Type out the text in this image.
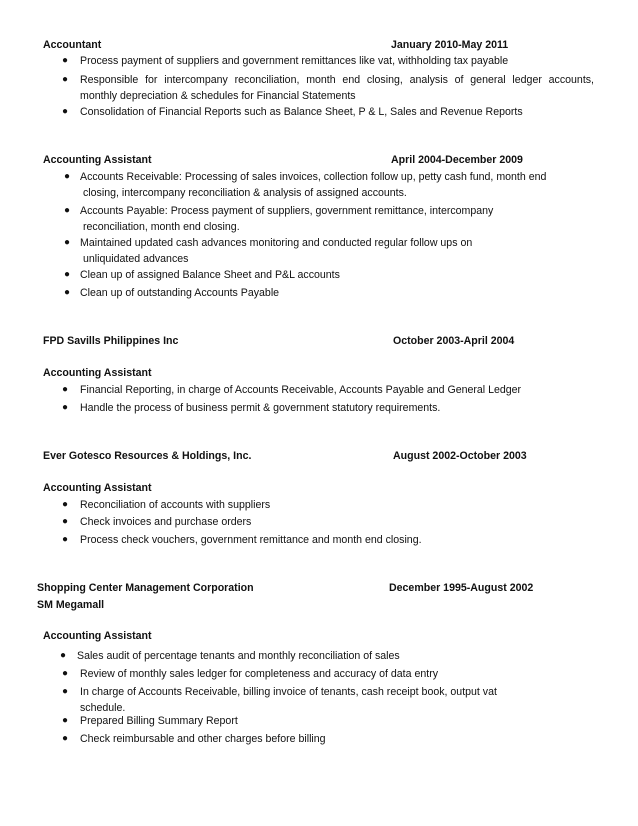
Accountant	January 2010-May 2011
● Process payment of suppliers and government remittances like vat, withholding tax payable
● Responsible for intercompany reconciliation, month end closing, analysis of general ledger accounts,
monthly depreciation & schedules for Financial Statements
● Consolidation of Financial Reports such as Balance Sheet, P & L, Sales and Revenue Reports
Accounting Assistant	April 2004-December 2009
● Accounts Receivable: Processing of sales invoices, collection follow up, petty cash fund, month end
closing, intercompany reconciliation & analysis of assigned accounts.
● Accounts Payable: Process payment of suppliers, government remittance, intercompany
reconciliation, month end closing.
● Maintained updated cash advances monitoring and conducted regular follow ups on
unliquidated advances
● Clean up of assigned Balance Sheet and P&L accounts
● Clean up of outstanding Accounts Payable
FPD Savills Philippines Inc	October 2003-April 2004
Accounting Assistant
● Financial Reporting, in charge of Accounts Receivable, Accounts Payable and General Ledger
● Handle the process of business permit & government statutory requirements.
Ever Gotesco Resources & Holdings, Inc.	August 2002-October 2003
Accounting Assistant
● Reconciliation of accounts with suppliers
● Check invoices and purchase orders
● Process check vouchers, government remittance and month end closing.
Shopping Center Management Corporation	December 1995-August 2002
SM Megamall
Accounting Assistant
● Sales audit of percentage tenants and monthly reconciliation of sales
● Review of monthly sales ledger for completeness and accuracy of data entry
● In charge of Accounts Receivable, billing invoice of tenants, cash receipt book, output vat
schedule.
● Prepared Billing Summary Report
● Check reimbursable and other charges before billing
